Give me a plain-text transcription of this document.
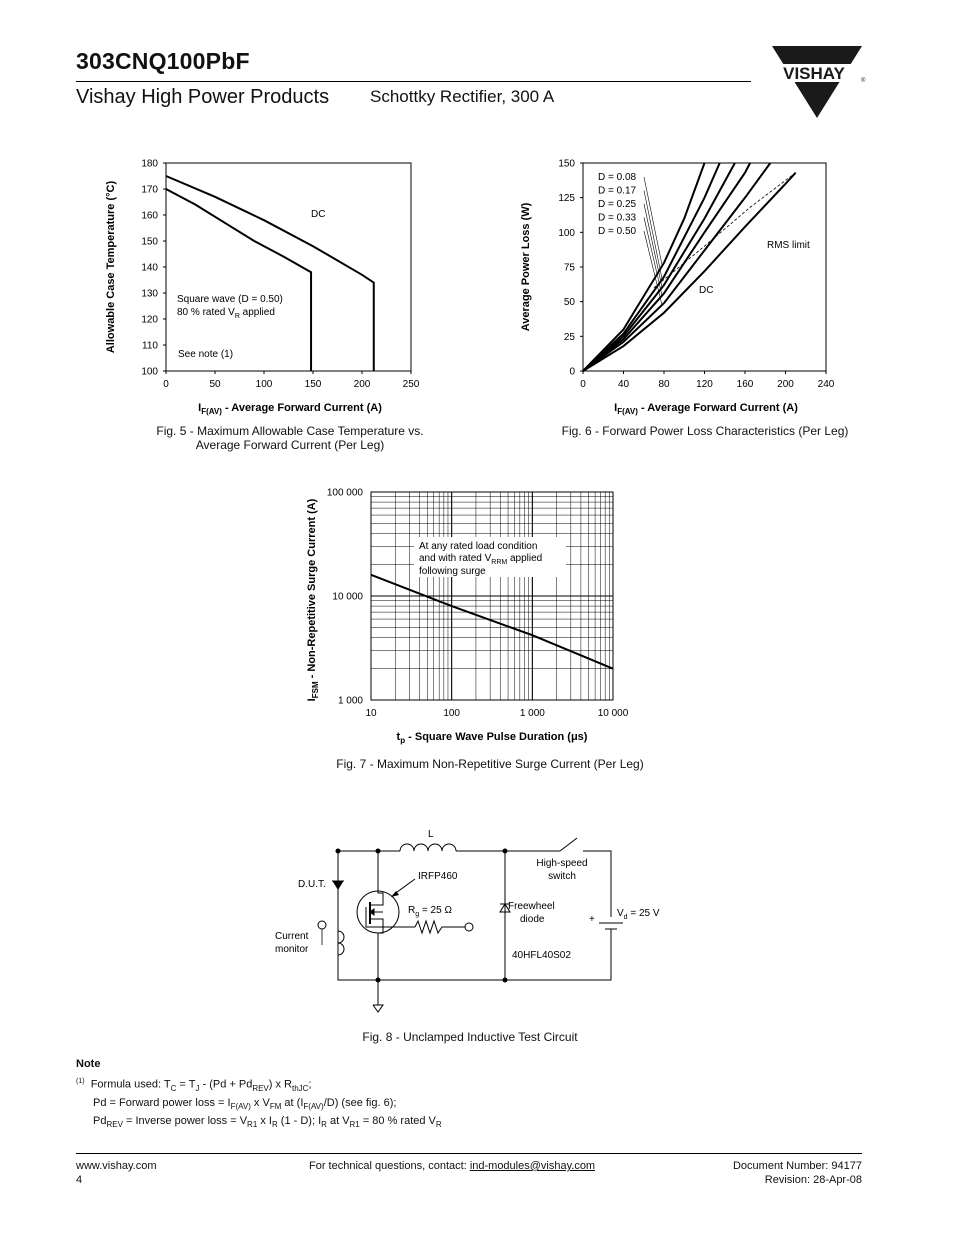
303CNQ100PbF
Vishay High Power Products Schottky Rectifier, 300 A
VISHAY	®
100
110
120
130
140
150
160
170
180
0	50	100	150	200	250
DC
Square wave (D = 0.50)
80 % rated $V_R$ applied
See note (1)
Allowable Case Temperature (°C)
$I_{F(AV)}$ - Average Forward Current (A)
Fig. 5 - Maximum Allowable Case Temperature vs.
Average Forward Current (Per Leg)
0
25
50
75
100
125
150
0	40	80	120 160 200 240
D = 0.08
D = 0.17
D = 0.25
D = 0.33
D = 0.50
RMS limit
DC
Average Power Loss (W)
$I_{F(AV)}$ - Average Forward Current (A)
Fig. 6 - Forward Power Loss Characteristics (Per Leg)
1 000
10 000
100 000
10	100	1 000	10 000
At any rated load condition
and with rated $V_{RRM}$ applied
following surge
$I_{FSM}$ - Non-Repetitive Surge Current (A)
$t_p$ - Square Wave Pulse Duration (μs)
Fig. 7 - Maximum Non-Repetitive Surge Current (Per Leg)
L
High-speed
switch
D.U.T.
IRFP460
$R_g = 25$ Ω	Freewheel
diode	+
$V_d = 25$ V
Current
monitor
40HFL40S02
Fig. 8 - Unclamped Inductive Test Circuit
Note
$^{(1)}$ Formula used: $T_C = T_J - (Pd + Pd_{REV})$ x $R_{thJC}$;
Pd = Forward power loss = $I_{F(AV)}$ x $V_{FM}$ at $(I_{F(AV)}/D)$ (see fig. 6);
$Pd_{REV}$ = Inverse power loss = $V_{R1}$ x $I_R$ (1 - D); $I_R$ at $V_{R1} = 80$ % rated $V_R$
www.vishay.com
4
For technical questions, contact: ind-modules@vishay.com	Document Number: 94177
Revision: 28-Apr-08
